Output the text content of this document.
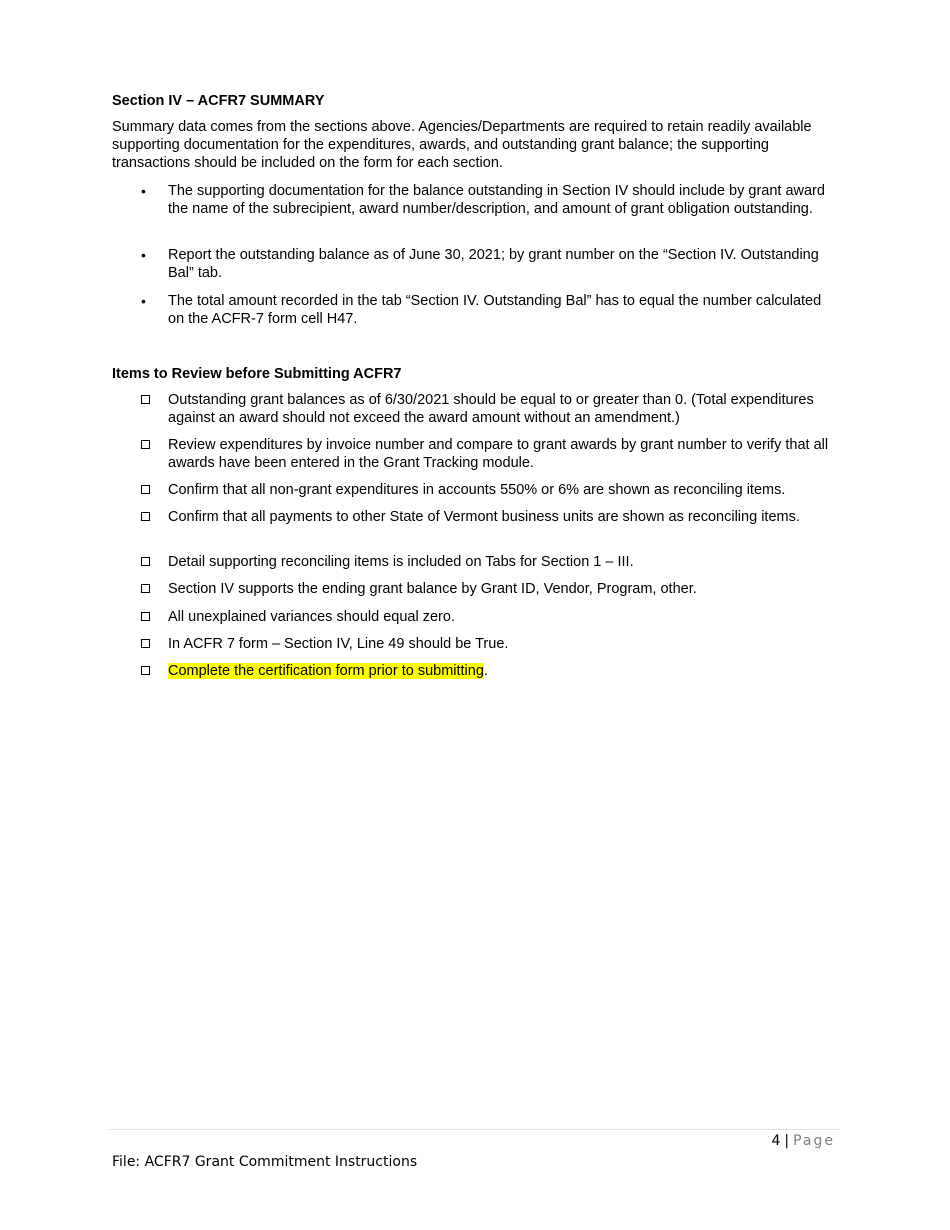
Section IV – ACFR7 SUMMARY

Summary data comes from the sections above. Agencies/Departments are required to retain readily available supporting documentation for the expenditures, awards, and outstanding grant balance; the supporting transactions should be included on the form for each section.

•	The supporting documentation for the balance outstanding in Section IV should include by grant award the name of the subrecipient, award number/description, and amount of grant obligation outstanding.
•	Report the outstanding balance as of June 30, 2021; by grant number on the “Section IV. Outstanding Bal” tab.
•	The total amount recorded in the tab “Section IV. Outstanding Bal” has to equal the number calculated on the ACFR-7 form cell H47.
Items to Review before Submitting ACFR7
Outstanding grant balances as of 6/30/2021 should be equal to or greater than 0. (Total expenditures against an award should not exceed the award amount without an amendment.)
Review expenditures by invoice number and compare to grant awards by grant number to verify that all awards have been entered in the Grant Tracking module.
Confirm that all non-grant expenditures in accounts 550% or 6% are shown as reconciling items.
Confirm that all payments to other State of Vermont business units are shown as reconciling items.
Detail supporting reconciling items is included on Tabs for Section 1 – III.
Section IV supports the ending grant balance by Grant ID, Vendor, Program, other.
All unexplained variances should equal zero.
In ACFR 7 form – Section IV, Line 49 should be True.
Complete the certification form prior to submitting.
4 | Page
File: ACFR7 Grant Commitment Instructions
